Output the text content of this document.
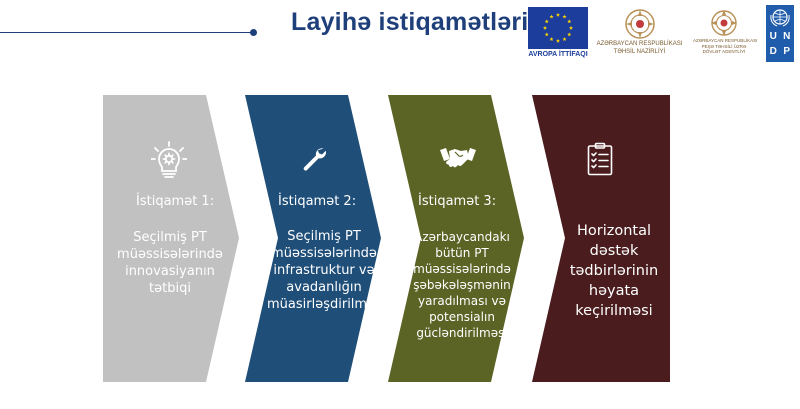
Layihə istiqamətləri
AVROPA İTTİFAQI
AZƏRBAYCAN RESPUBLİKASI
TƏHSİL NAZİRLİYİ
AZƏRBAYCAN RESPUBLİKASI
PEŞƏ TƏHSİLİ ÜZRƏ
DÖVLƏT AGENTLİYİ
U N
D P
İstiqamət 1:
Seçilmiş PT
müəssisələrində
innovasiyanın
tətbiqi
İstiqamət 2:
Seçilmiş PT
müəssisələrində
infrastruktur və
avadanlığın
müasirləşdirilməsi
İstiqamət 3:
Azərbaycandakı
bütün PT
müəssisələrində
şəbəkələşmənin
yaradılması və
potensialın
gücləndirilməsi
Horizontal
dəstək
tədbirlərinin
həyata
keçirilməsi
